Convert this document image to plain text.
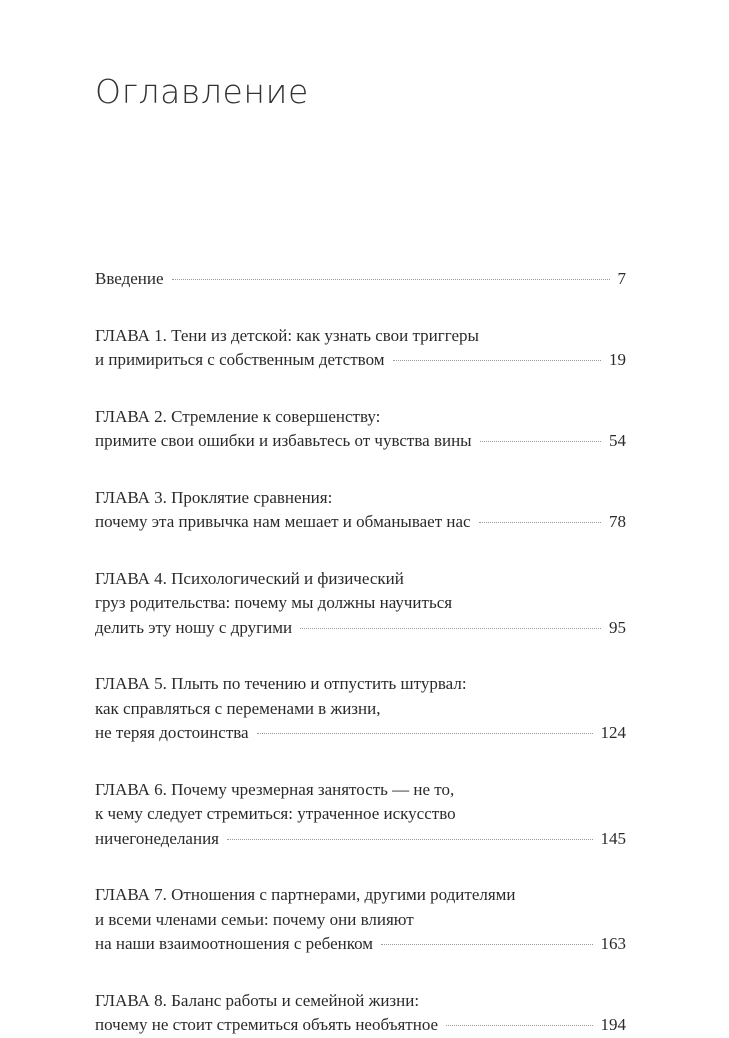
Оглавление
Введение	7
ГЛАВА 1. Тени из детской: как узнать свои триггеры
и примириться с собственным детством	19
ГЛАВА 2. Стремление к совершенству:
примите свои ошибки и избавьтесь от чувства вины	54
ГЛАВА 3. Проклятие сравнения:
почему эта привычка нам мешает и обманывает нас	78
ГЛАВА 4. Психологический и физический
груз родительства: почему мы должны научиться
делить эту ношу с другими	95
ГЛАВА 5. Плыть по течению и отпустить штурвал:
как справляться с переменами в жизни,
не теряя достоинства	124
ГЛАВА 6. Почему чрезмерная занятость — не то,
к чему следует стремиться: утраченное искусство
ничегонеделания	145
ГЛАВА 7. Отношения с партнерами, другими родителями
и всеми членами семьи: почему они влияют
на наши взаимоотношения с ребенком	163
ГЛАВА 8. Баланс работы и семейной жизни:
почему не стоит стремиться объять необъятное	194
